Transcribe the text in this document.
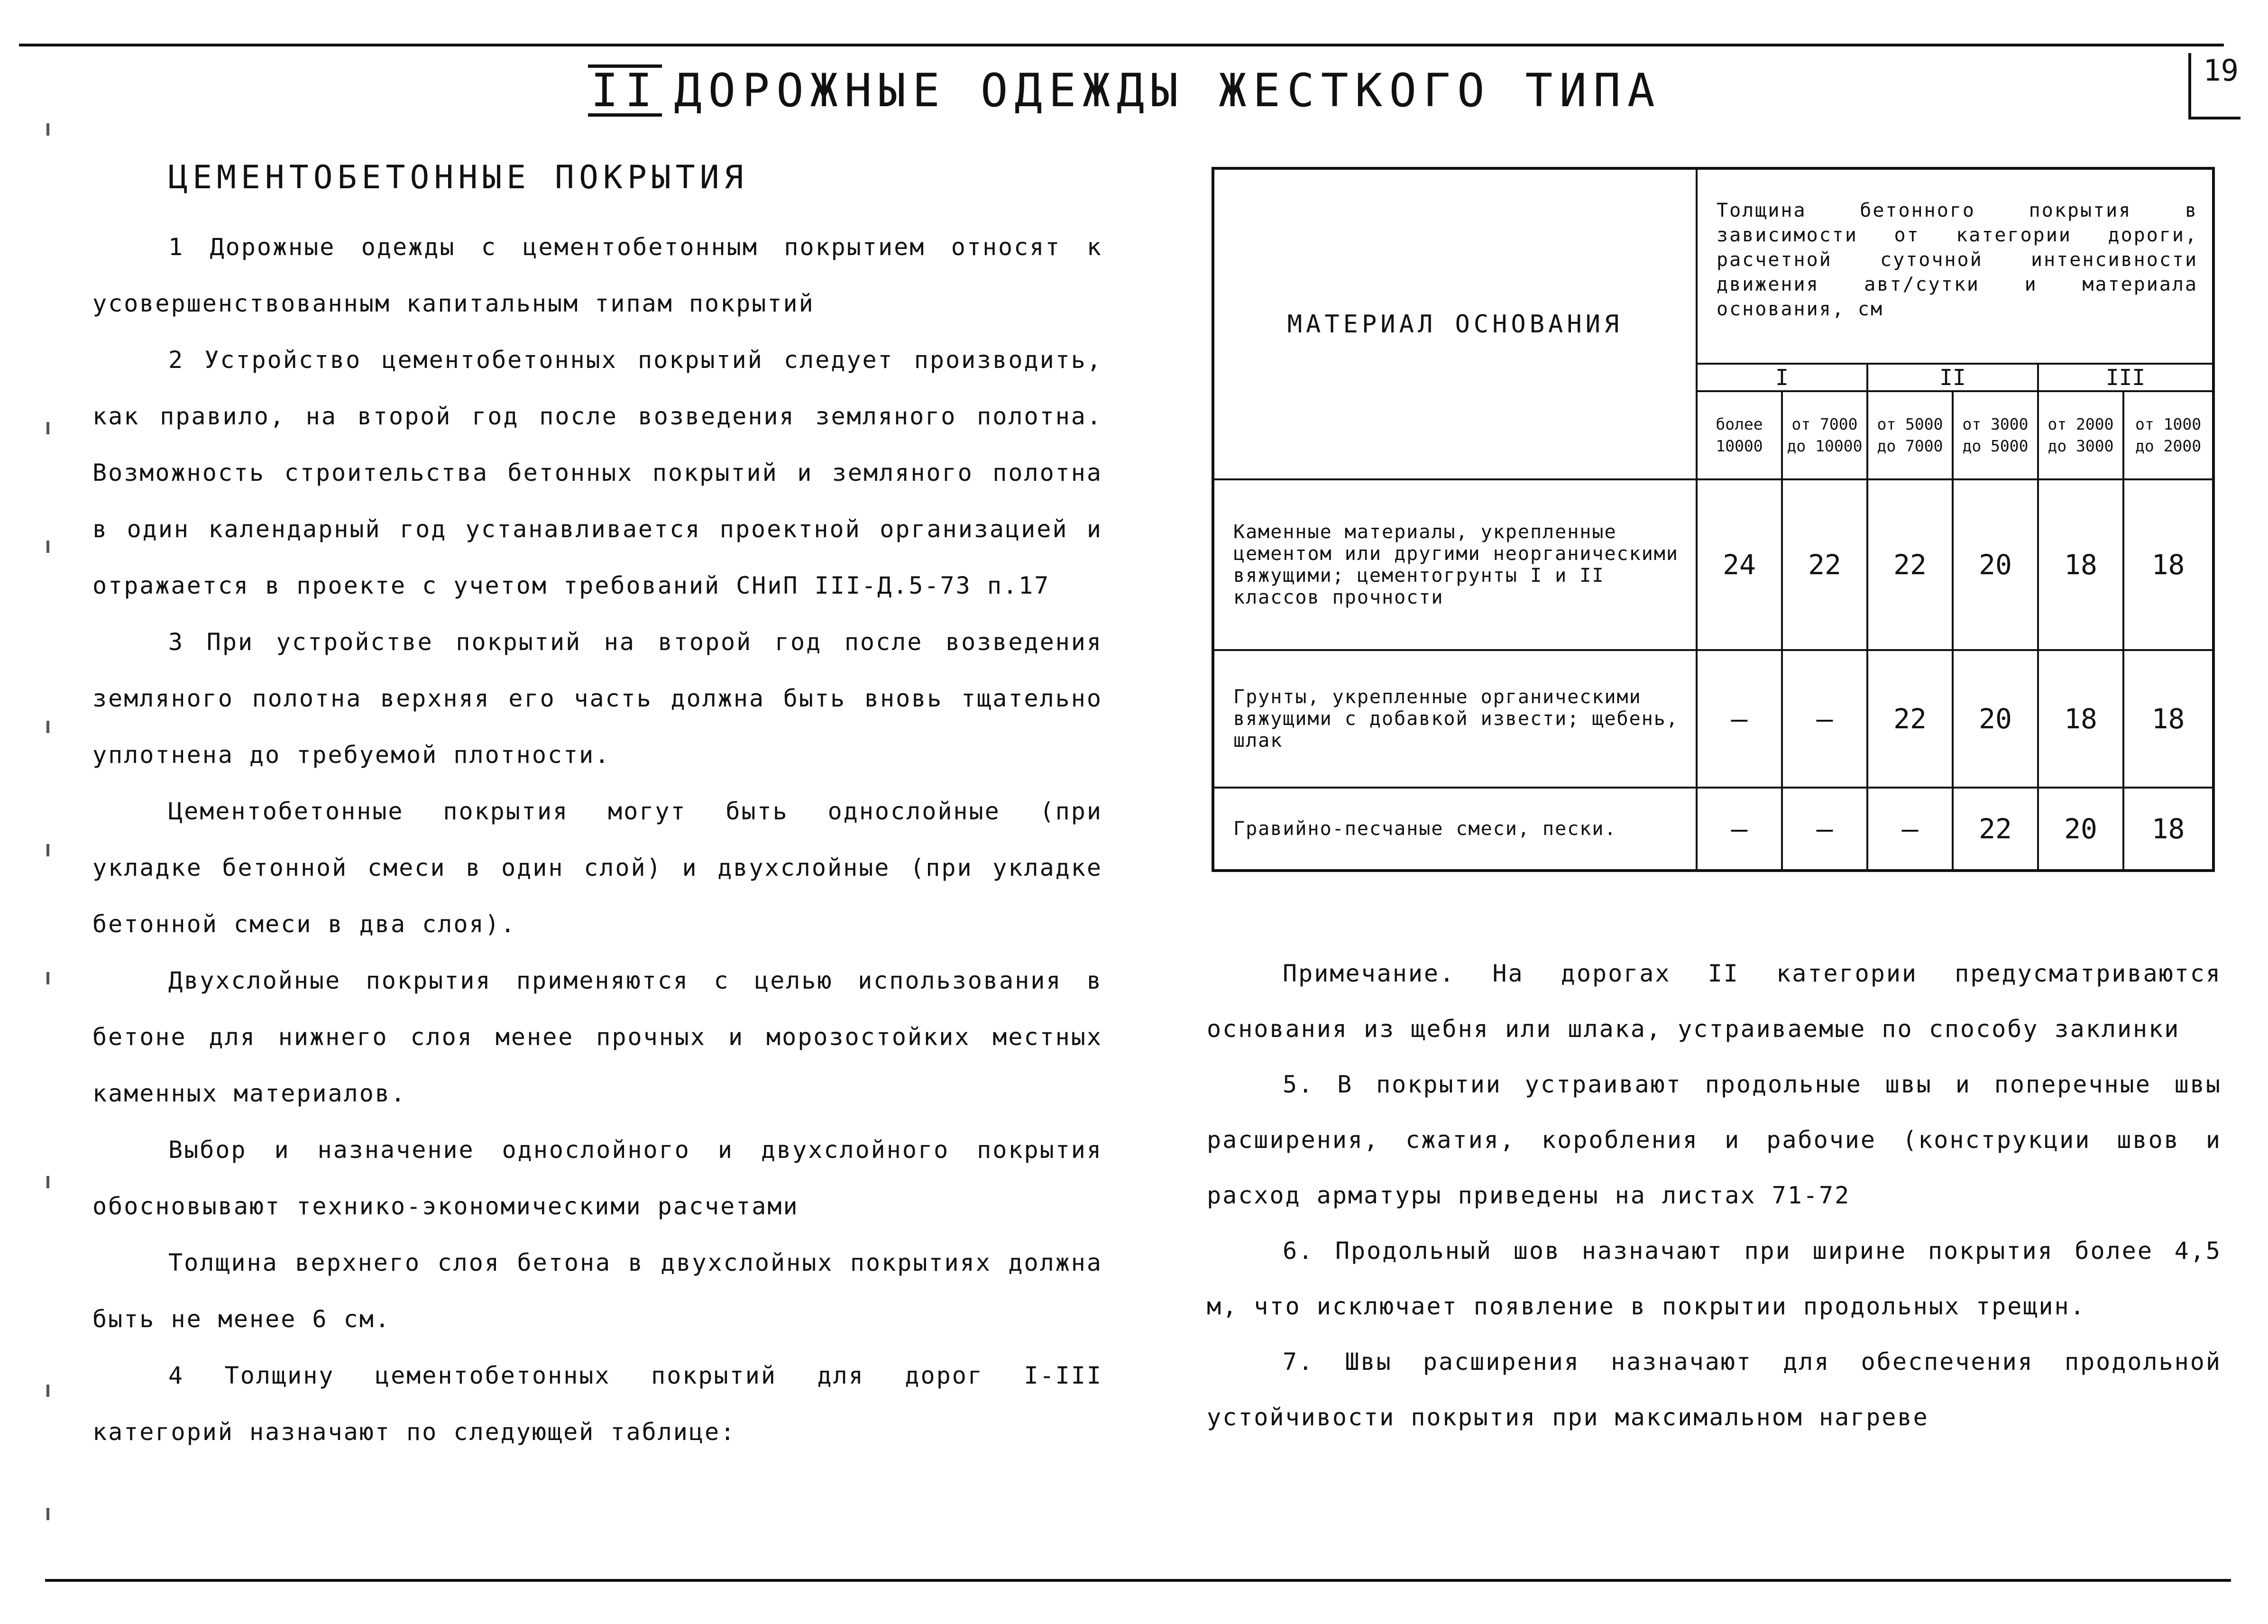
II ДОРОЖНЫЕ ОДЕЖДЫ ЖЕСТКОГО ТИПА	19
ЦЕМЕНТОБЕТОННЫЕ ПОКРЫТИЯ

1 Дорожные одежды с цементобетонным покрытием относят к усовершенствованным капитальным типам покрытий

2 Устройство цементобетонных покрытий следует производить, как правило, на второй год после возведения земляного полотна. Возможность строительства бетонных покрытий и земляного полотна в один календарный год устанавливается проектной организацией и отражается в проекте с учетом требований СНиП III-Д.5-73 п.17

3 При устройстве покрытий на второй год после возведения земляного полотна верхняя его часть должна быть вновь тщательно уплотнена до требуемой плотности.

Цементобетонные покрытия могут быть однослойные (при укладке бетонной смеси в один слой) и двухслойные (при укладке бетонной смеси в два слоя).

Двухслойные покрытия применяются с целью использования в бетоне для нижнего слоя менее прочных и морозостойких местных каменных материалов.

Выбор и назначение однослойного и двухслойного покрытия обосновывают технико-экономическими расчетами

Толщина верхнего слоя бетона в двухслойных покрытиях должна быть не менее 6 см.

4 Толщину цементобетонных покрытий для дорог I-III категорий назначают по следующей таблице:

МАТЕРИАЛ ОСНОВАНИЯ	Толщина бетонного покрытия в зависимости от категории дороги, расчетной суточной интенсивности движения авт/сутки и материала основания, см					
	I		II		III	
	более 10000	от 7000 до 10000	от 5000 до 7000	от 3000 до 5000	от 2000 до 3000	от 1000 до 2000
Каменные материалы, укрепленные цементом или другими неорганическими вяжущими; цементогрунты I и II классов прочности	24	22	22	20	18	18
Грунты, укрепленные органическими вяжущими с добавкой извести; щебень, шлак	—	—	22	20	18	18
Гравийно-песчаные смеси, пески.	—	—	—	22	20	18

Примечание. На дорогах II категории предусматриваются основания из щебня или шлака, устраиваемые по способу заклинки

5. В покрытии устраивают продольные швы и поперечные швы расширения, сжатия, коробления и рабочие (конструкции швов и расход арматуры приведены на листах 71-72

6. Продольный шов назначают при ширине покрытия более 4,5 м, что исключает появление в покрытии продольных трещин.

7. Швы расширения назначают для обеспечения продольной устойчивости покрытия при максимальном нагреве
